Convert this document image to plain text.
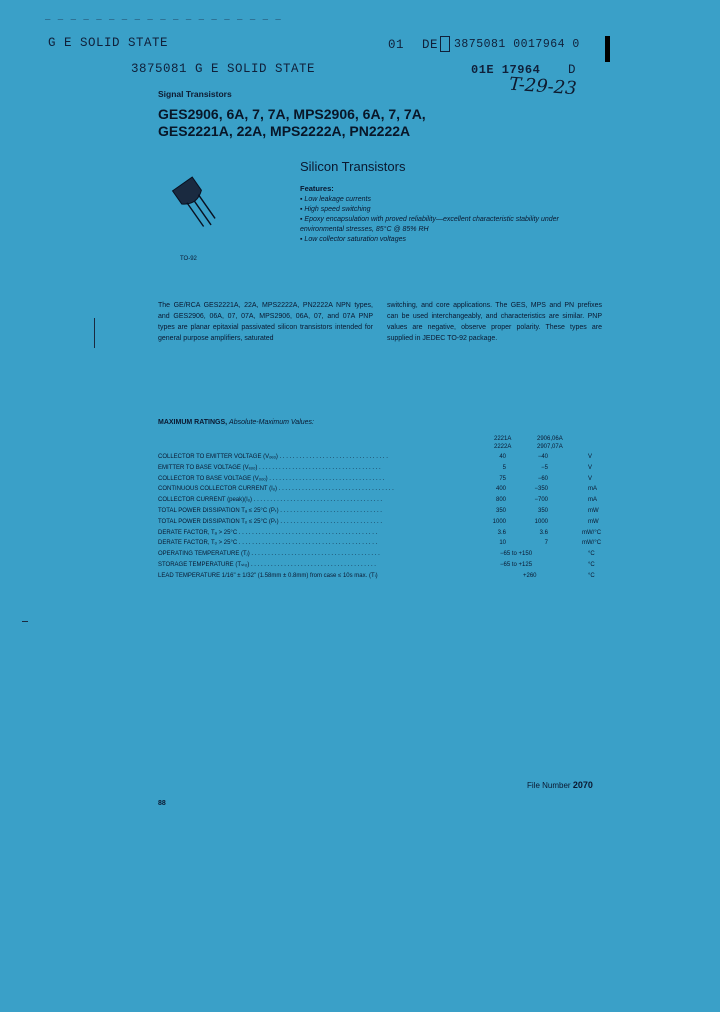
_ _ _ _ _ _ _ _ _ _ _ _ _ _ _ _ _ _ _
G E SOLID STATE	01 DE 3875081 0017964 0
3875081 G E SOLID STATE	01E 17964 D
T-29-23
Signal Transistors
GES2906, 6A, 7, 7A, MPS2906, 6A, 7, 7A,
GES2221A, 22A, MPS2222A, PN2222A
Silicon Transistors
TO-92
Features:
▪ Low leakage currents
▪ High speed switching
▪ Epoxy encapsulation with proved reliability—excellent characteristic stability under
environmental stresses, 85°C @ 85% RH
▪ Low collector saturation voltages
The GE/RCA GES2221A, 22A, MPS2222A, PN2222A NPN types, and GES2906, 06A, 07, 07A, MPS2906, 06A, 07, and 07A PNP types are planar epitaxial passivated silicon transistors intended for general purpose amplifiers, saturated
switching, and core applications. The GES, MPS and PN prefixes can be used interchangeably, and characteristics are similar. PNP values are negative, observe proper polarity. These types are supplied in JEDEC TO-92 package.
MAXIMUM RATINGS, Absolute-Maximum Values:
2221A
2222A
2906,06A
2907,07A
COLLECTOR TO EMITTER VOLTAGE (Vₒₑₒ) . . . . . . . . . . . . . . . . . . . . . . . . . . . . . . . . .	40	−40	V
EMITTER TO BASE VOLTAGE (Vₑₒₒ) . . . . . . . . . . . . . . . . . . . . . . . . . . . . . . . . . . . . .	5	−5	V
COLLECTOR TO BASE VOLTAGE (Vₒₒₒ) . . . . . . . . . . . . . . . . . . . . . . . . . . . . . . . . . . .	75	−60	V
CONTINUOUS COLLECTOR CURRENT (Iₒ) . . . . . . . . . . . . . . . . . . . . . . . . . . . . . . . . . . .	400	−350	mA
COLLECTOR CURRENT (peak)(Iₒ) . . . . . . . . . . . . . . . . . . . . . . . . . . . . . . . . . . . . . . .	800	−700	mA
TOTAL POWER DISSIPATION Tₐ ≤ 25°C (Pₜ) . . . . . . . . . . . . . . . . . . . . . . . . . . . . . . .	350	350	mW
TOTAL POWER DISSIPATION Tₒ ≤ 25°C (Pₜ) . . . . . . . . . . . . . . . . . . . . . . . . . . . . . . .	1000	1000	mW
DERATE FACTOR, Tₐ > 25°C . . . . . . . . . . . . . . . . . . . . . . . . . . . . . . . . . . . . . . . . . .	3.6	3.6	mW/°C
DERATE FACTOR, Tₒ > 25°C . . . . . . . . . . . . . . . . . . . . . . . . . . . . . . . . . . . . . . . . . .	10	7	mW/°C
OPERATING TEMPERATURE (Tⱼ) . . . . . . . . . . . . . . . . . . . . . . . . . . . . . . . . . . . . . . .	−65 to +150	°C
STORAGE TEMPERATURE (Tₛₜₒ) . . . . . . . . . . . . . . . . . . . . . . . . . . . . . . . . . . . . . .	−65 to +125	°C
LEAD TEMPERATURE 1/16" ± 1/32" (1.58mm ± 0.8mm) from case ≤ 10s max. (Tₗ)	+260	°C
File Number 2070
88
